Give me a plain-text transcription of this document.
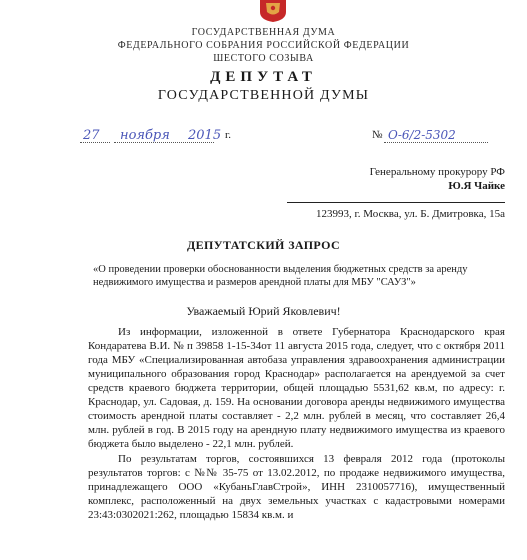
ГОСУДАРСТВЕННАЯ ДУМА
ФЕДЕРАЛЬНОГО СОБРАНИЯ РОССИЙСКОЙ ФЕДЕРАЦИИ
ШЕСТОГО СОЗЫВА
ДЕПУТАТ
ГОСУДАРСТВЕННОЙ ДУМЫ
27 ноября 2015 г.	№ О-6/2-5302
Генеральному прокурору РФ
Ю.Я Чайке
123993, г. Москва, ул. Б. Дмитровка, 15а
ДЕПУТАТСКИЙ ЗАПРОС
«О проведении проверки обоснованности выделения бюджетных средств за аренду недвижимого имущества и размеров арендной платы для МБУ "САУЗ"»
Уважаемый Юрий Яковлевич!
Из информации, изложенной в ответе Губернатора Краснодарского края Кондаратева В.И. № п 39858 1-15-34от 11 августа 2015 года, следует, что с октября 2011 года МБУ «Специализированная автобаза управления здравоохранения администрации муниципального образования город Краснодар» располагается на арендуемой за счет средств краевого бюджета территории, общей площадью 5531,62 кв.м, по адресу: г. Краснодар, ул. Садовая, д. 159. На основании договора аренды недвижимого имущества стоимость арендной платы составляет - 2,2 млн. рублей в месяц, что составляет 26,4 млн. рублей в год. В 2015 году на арендную плату недвижимого имущества из краевого бюджета было выделено - 22,1 млн. рублей.
По результатам торгов, состоявшихся 13 февраля 2012 года (протоколы результатов торгов: с №№ 35-75 от 13.02.2012, по продаже недвижимого имущества, принадлежащего ООО «КубаньГлавСтрой», ИНН 2310057716), имущественный комплекс, расположенный на двух земельных участках с кадастровыми номерами 23:43:0302021:262, площадью 15834 кв.м. и
